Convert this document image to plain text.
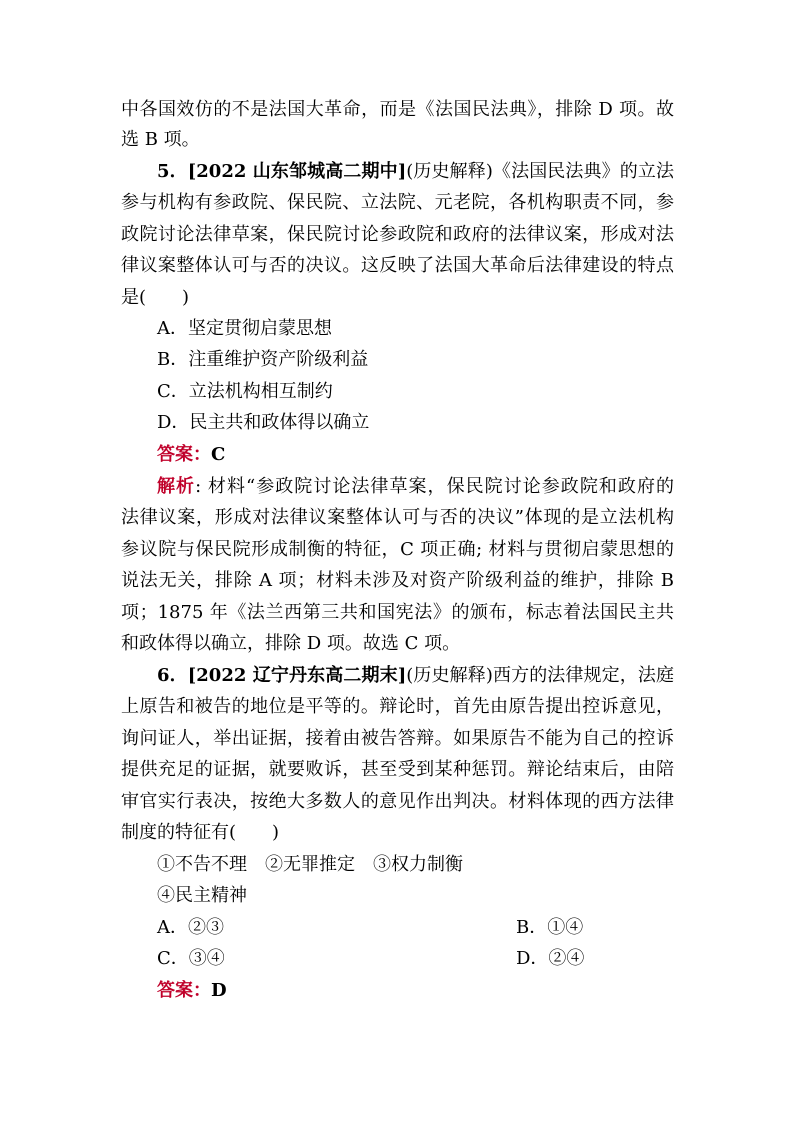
中各国效仿的不是法国大革命，而是《法国民法典》，排除 D 项。故
选 B 项。
5．[2022 山东邹城高二期中](历史解释)《法国民法典》的立法
参与机构有参政院、保民院、立法院、元老院，各机构职责不同，参
政院讨论法律草案，保民院讨论参政院和政府的法律议案，形成对法
律议案整体认可与否的决议。这反映了法国大革命后法律建设的特点
是(　　)
A．坚定贯彻启蒙思想
B．注重维护资产阶级利益
C．立法机构相互制约
D．民主共和政体得以确立
答案：C
解析: 材料“参政院讨论法律草案，保民院讨论参政院和政府的
法律议案，形成对法律议案整体认可与否的决议”体现的是立法机构
参议院与保民院形成制衡的特征，C 项正确; 材料与贯彻启蒙思想的
说法无关，排除 A 项；材料未涉及对资产阶级利益的维护，排除 B
项；1875 年《法兰西第三共和国宪法》的颁布，标志着法国民主共
和政体得以确立，排除 D 项。故选 C 项。
6．[2022 辽宁丹东高二期末](历史解释)西方的法律规定，法庭
上原告和被告的地位是平等的。辩论时，首先由原告提出控诉意见，
询问证人，举出证据，接着由被告答辩。如果原告不能为自己的控诉
提供充足的证据，就要败诉，甚至受到某种惩罚。辩论结束后，由陪
审官实行表决，按绝大多数人的意见作出判决。材料体现的西方法律
制度的特征有(　　)
①不告不理　②无罪推定　③权力制衡
④民主精神
A．②③	B．①④
C．③④	D．②④
答案：D
